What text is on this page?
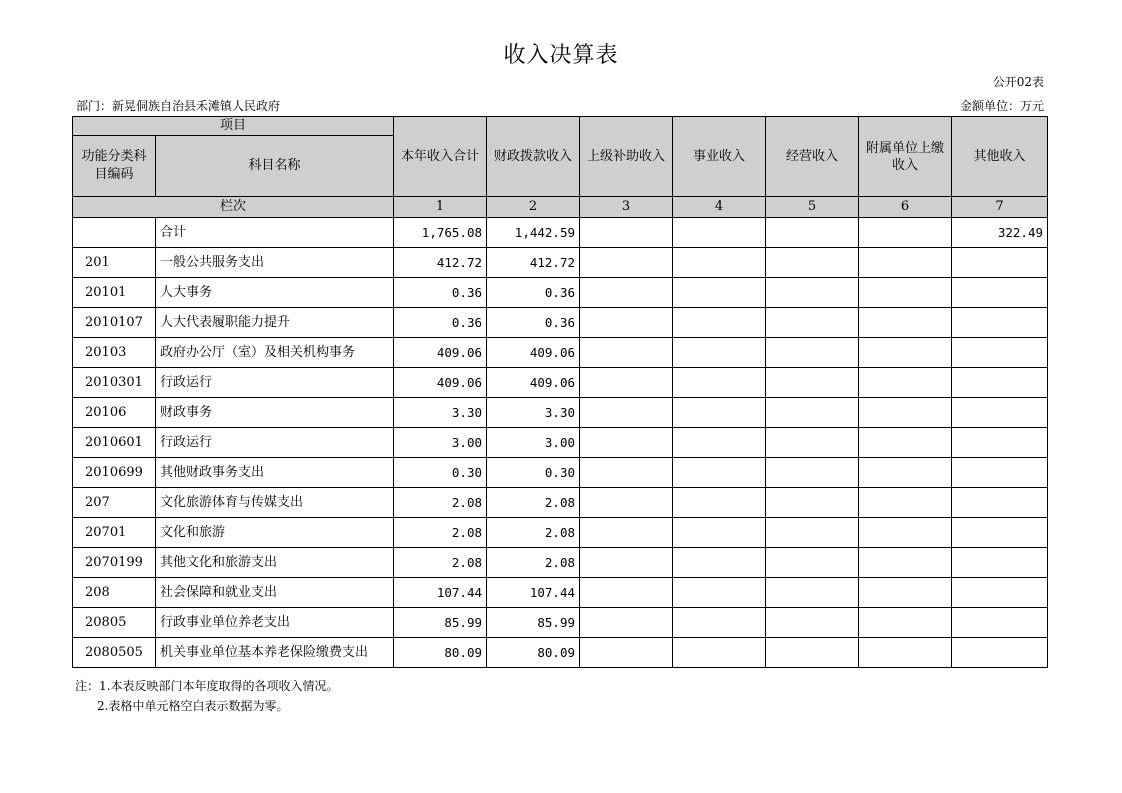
收入决算表
公开02表
部门：新晃侗族自治县禾滩镇人民政府	金额单位：万元
项目		本年收入合计	财政拨款收入	上级补助收入	事业收入	经营收入	附属单位上缴收入	其他收入
功能分类科目编码	科目名称							
栏次		1	2	3	4	5	6	7
	合计	1,765.08	1,442.59					322.49
201	一般公共服务支出	412.72	412.72					
20101	人大事务	0.36	0.36					
2010107	人大代表履职能力提升	0.36	0.36					
20103	政府办公厅（室）及相关机构事务	409.06	409.06					
2010301	行政运行	409.06	409.06					
20106	财政事务	3.30	3.30					
2010601	行政运行	3.00	3.00					
2010699	其他财政事务支出	0.30	0.30					
207	文化旅游体育与传媒支出	2.08	2.08					
20701	文化和旅游	2.08	2.08					
2070199	其他文化和旅游支出	2.08	2.08					
208	社会保障和就业支出	107.44	107.44					
20805	行政事业单位养老支出	85.99	85.99					
2080505	机关事业单位基本养老保险缴费支出	80.09	80.09					
注：1.本表反映部门本年度取得的各项收入情况。
2.表格中单元格空白表示数据为零。
